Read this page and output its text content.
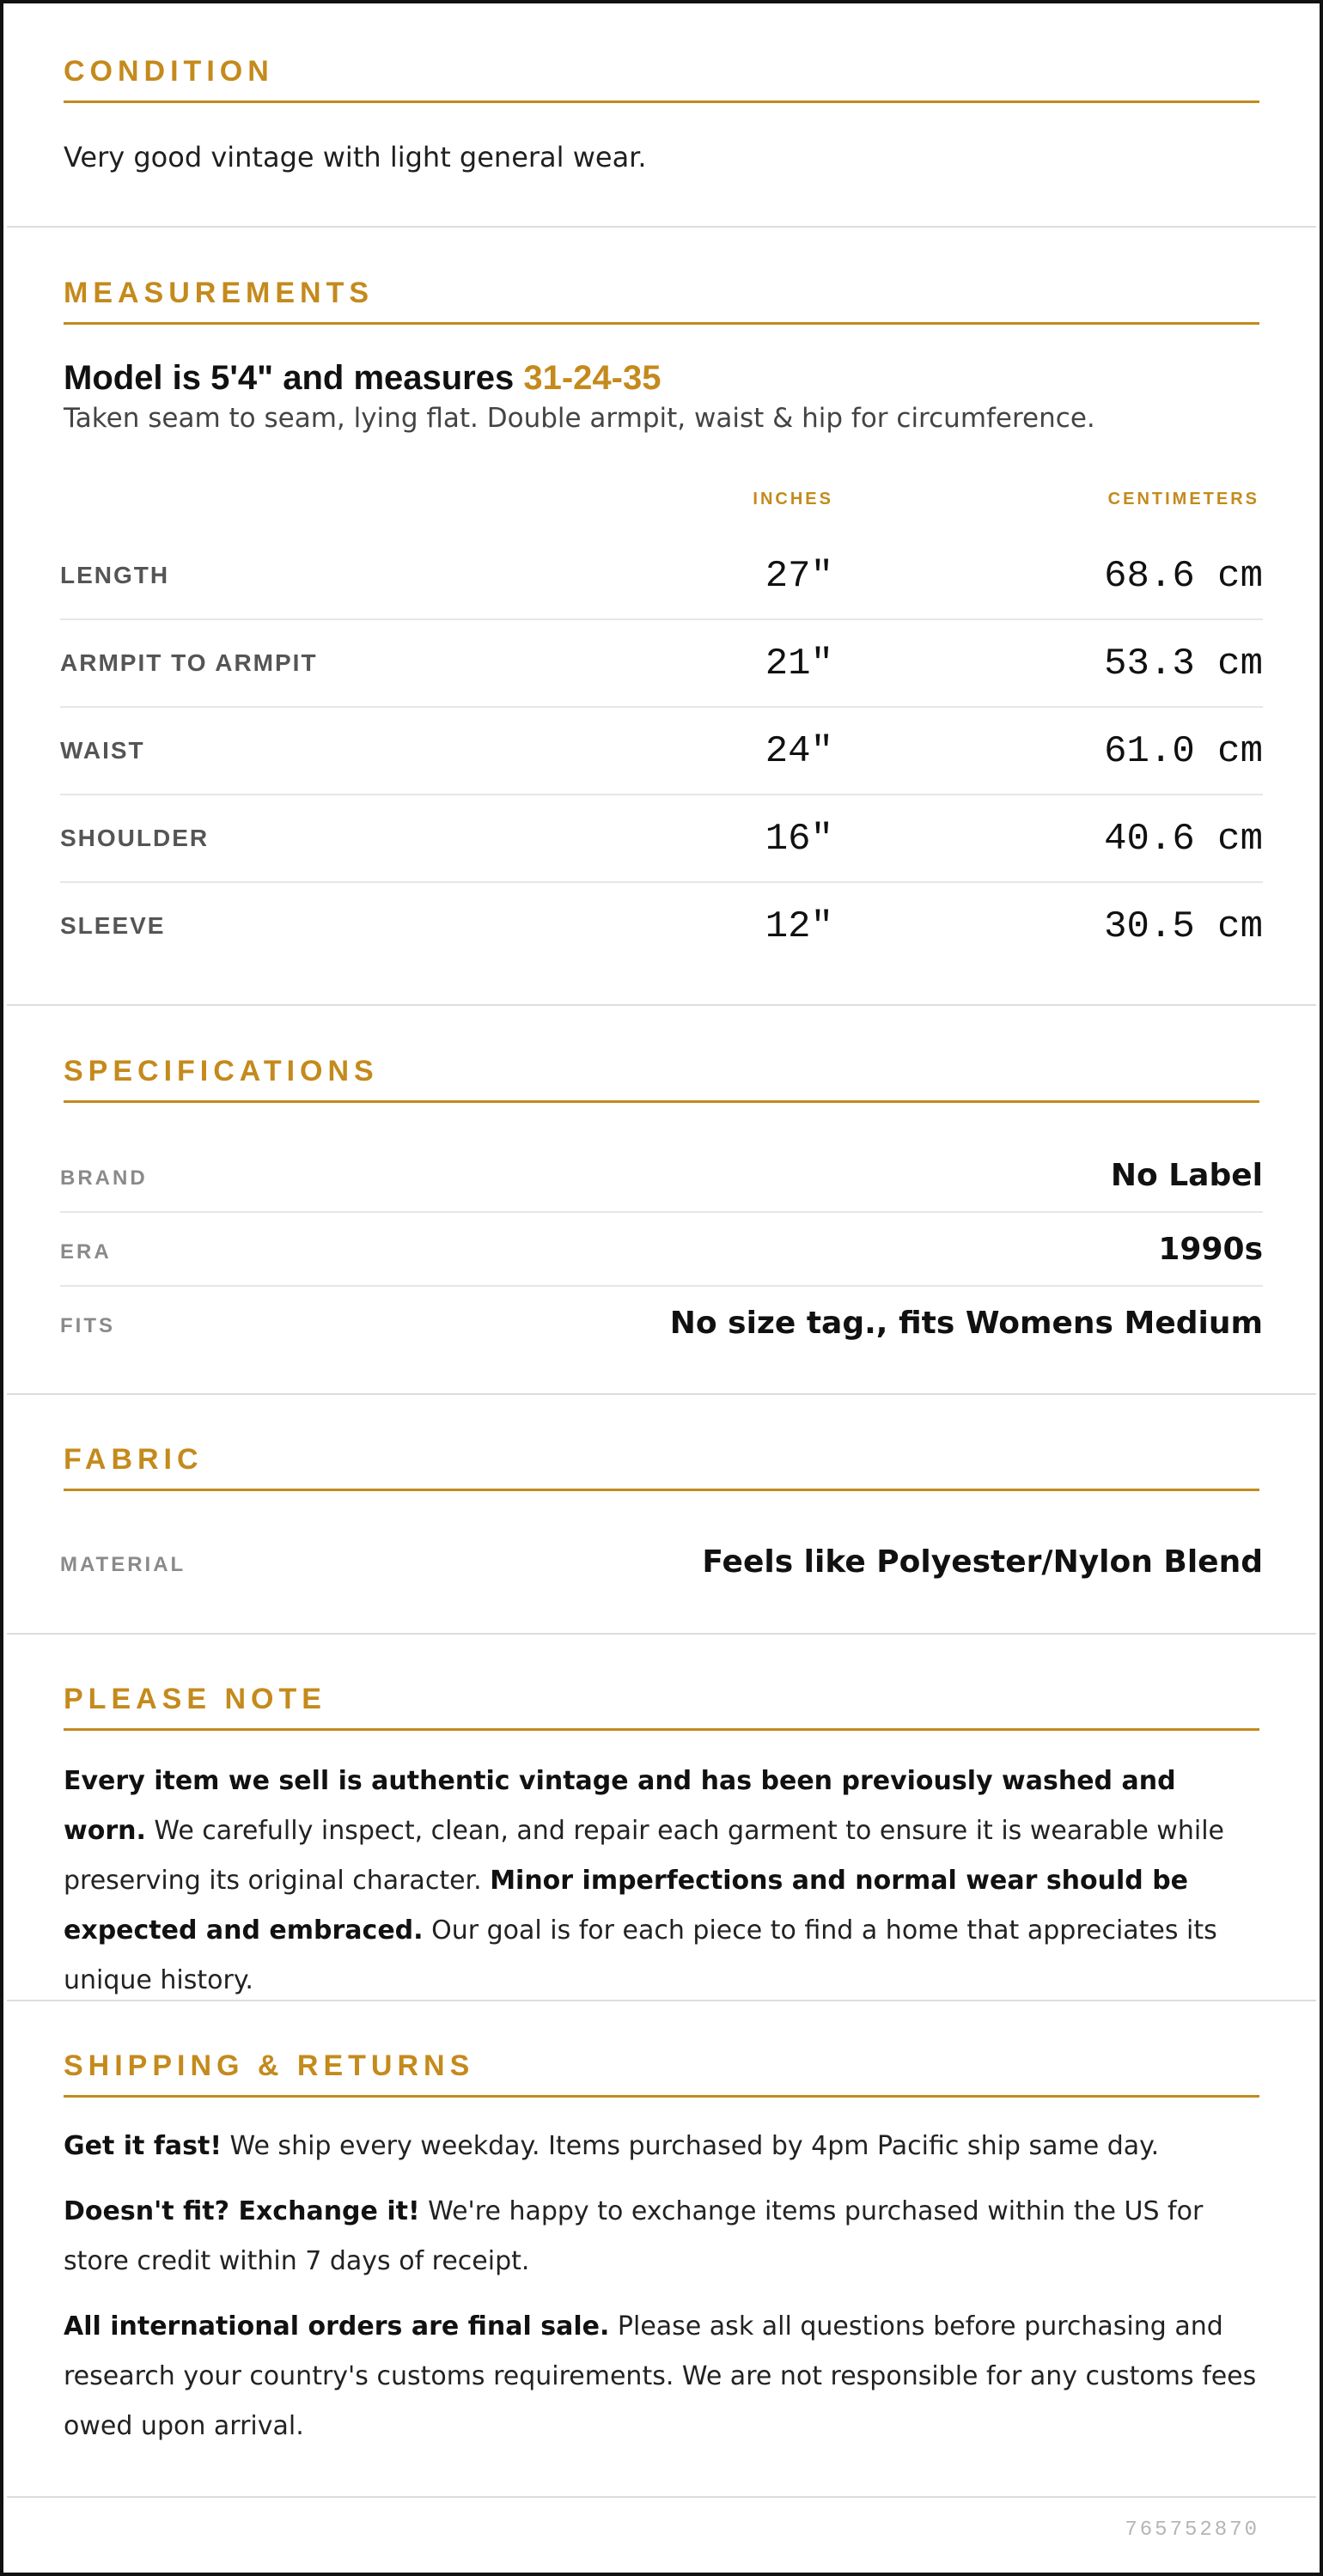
CONDITION
Very good vintage with light general wear.
MEASUREMENTS
Model is 5'4" and measures 31-24-35
Taken seam to seam, lying flat. Double armpit, waist & hip for circumference.
INCHES	CENTIMETERS
LENGTH	27"	68.6 cm
ARMPIT TO ARMPIT	21"	53.3 cm
WAIST	24"	61.0 cm
SHOULDER	16"	40.6 cm
SLEEVE	12"	30.5 cm
SPECIFICATIONS
BRAND	No Label
ERA	1990s
FITS	No size tag., fits Womens Medium
FABRIC
MATERIAL	Feels like Polyester/Nylon Blend
PLEASE NOTE

Every item we sell is authentic vintage and has been previously washed and worn. We carefully inspect, clean, and repair each garment to ensure it is wearable while preserving its original character. Minor imperfections and normal wear should be expected and embraced. Our goal is for each piece to find a home that appreciates its unique history.

SHIPPING & RETURNS

Get it fast! We ship every weekday. Items purchased by 4pm Pacific ship same day.

Doesn't fit? Exchange it! We're happy to exchange items purchased within the US for store credit within 7 days of receipt.

All international orders are final sale. Please ask all questions before purchasing and research your country's customs requirements. We are not responsible for any customs fees owed upon arrival.

765752870
